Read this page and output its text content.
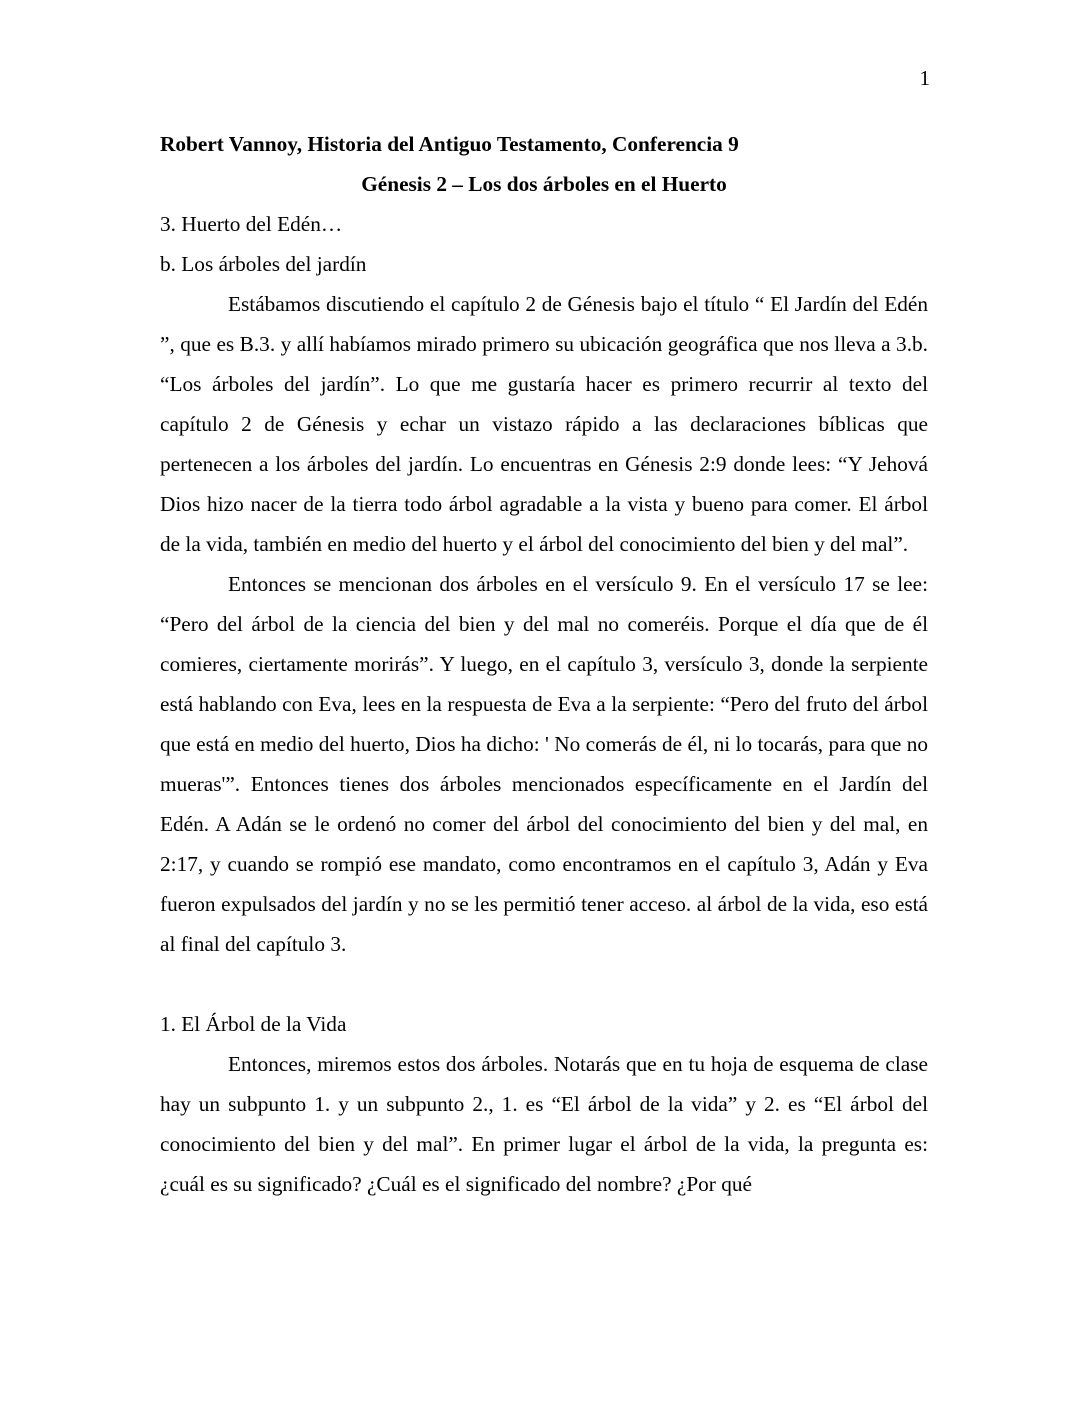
1

Robert Vannoy, Historia del Antiguo Testamento, Conferencia 9

Génesis 2 – Los dos árboles en el Huerto

3. Huerto del Edén…

b. Los árboles del jardín

Estábamos discutiendo el capítulo 2 de Génesis bajo el título “ El Jardín del Edén ”, que es B.3. y allí habíamos mirado primero su ubicación geográfica que nos lleva a 3.b. “Los árboles del jardín”. Lo que me gustaría hacer es primero recurrir al texto del capítulo 2 de Génesis y echar un vistazo rápido a las declaraciones bíblicas que pertenecen a los árboles del jardín. Lo encuentras en Génesis 2:9 donde lees: “Y Jehová Dios hizo nacer de la tierra todo árbol agradable a la vista y bueno para comer. El árbol de la vida, también en medio del huerto y el árbol del conocimiento del bien y del mal”.

Entonces se mencionan dos árboles en el versículo 9. En el versículo 17 se lee: “Pero del árbol de la ciencia del bien y del mal no comeréis. Porque el día que de él comieres, ciertamente morirás”. Y luego, en el capítulo 3, versículo 3, donde la serpiente está hablando con Eva, lees en la respuesta de Eva a la serpiente: “Pero del fruto del árbol que está en medio del huerto, Dios ha dicho: ' No comerás de él, ni lo tocarás, para que no mueras'”. Entonces tienes dos árboles mencionados específicamente en el Jardín del Edén. A Adán se le ordenó no comer del árbol del conocimiento del bien y del mal, en 2:17, y cuando se rompió ese mandato, como encontramos en el capítulo 3, Adán y Eva fueron expulsados del jardín y no se les permitió tener acceso. al árbol de la vida, eso está al final del capítulo 3.

1. El Árbol de la Vida

Entonces, miremos estos dos árboles. Notarás que en tu hoja de esquema de clase hay un subpunto 1. y un subpunto 2., 1. es “El árbol de la vida” y 2. es “El árbol del conocimiento del bien y del mal”. En primer lugar el árbol de la vida, la pregunta es: ¿cuál es su significado? ¿Cuál es el significado del nombre? ¿Por qué
